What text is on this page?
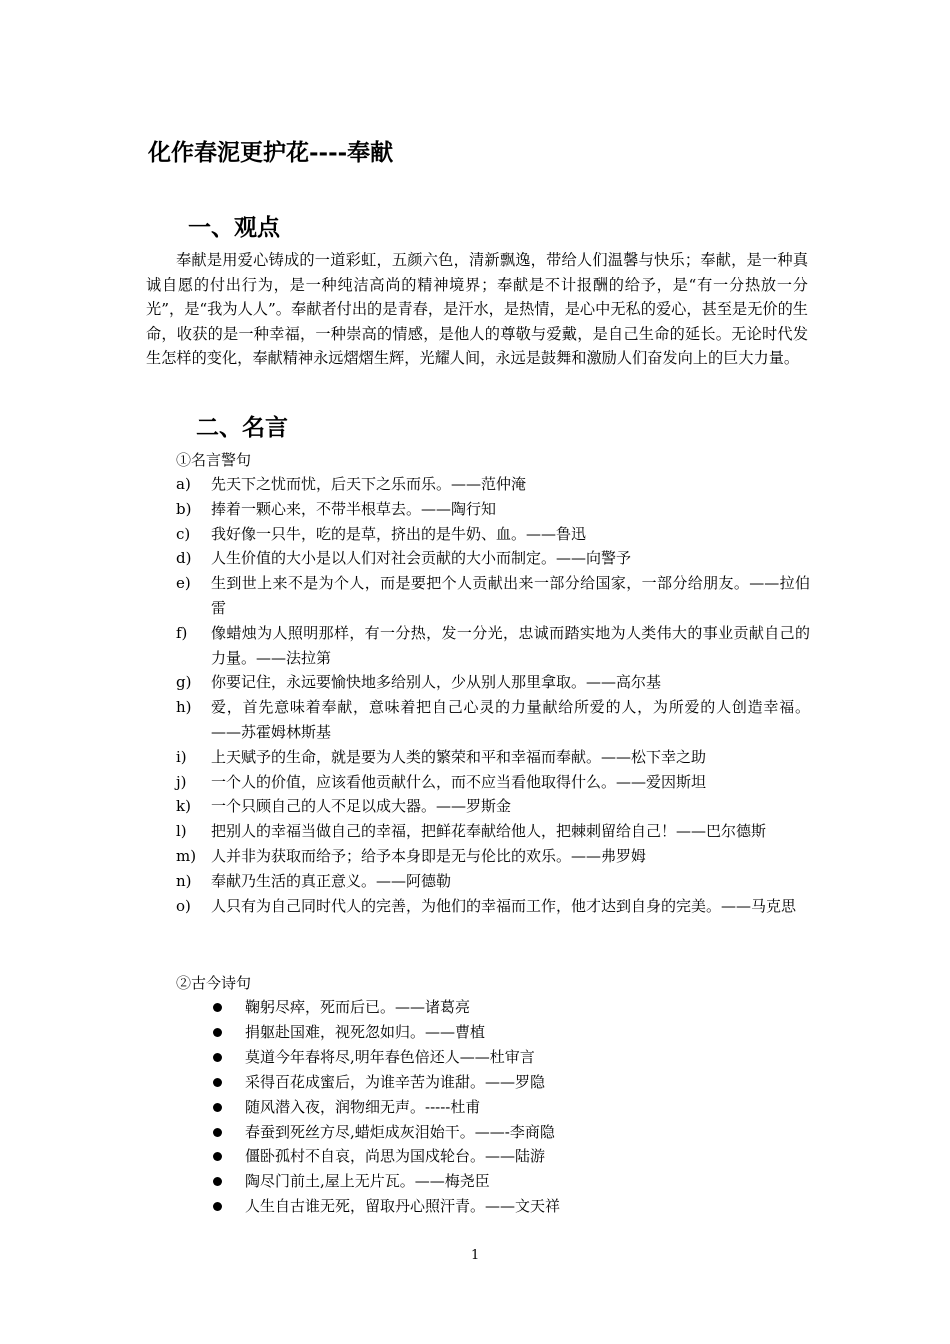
化作春泥更护花----奉献
一、观点
奉献是用爱心铸成的一道彩虹，五颜六色，清新飘逸，带给人们温馨与快乐；奉献，是一种真诚自愿的付出行为，是一种纯洁高尚的精神境界；奉献是不计报酬的给予，是“有一分热放一分光”，是“我为人人”。奉献者付出的是青春，是汗水，是热情，是心中无私的爱心，甚至是无价的生命，收获的是一种幸福，一种崇高的情感，是他人的尊敬与爱戴，是自己生命的延长。无论时代发生怎样的变化，奉献精神永远熠熠生辉，光耀人间，永远是鼓舞和激励人们奋发向上的巨大力量。
二、名言
①名言警句
a) 先天下之忧而忧，后天下之乐而乐。——范仲淹
b) 捧着一颗心来，不带半根草去。——陶行知
c) 我好像一只牛，吃的是草，挤出的是牛奶、血。——鲁迅
d) 人生价值的大小是以人们对社会贡献的大小而制定。——向警予
e) 生到世上来不是为个人，而是要把个人贡献出来一部分给国家，一部分给朋友。——拉伯雷
f) 像蜡烛为人照明那样，有一分热，发一分光，忠诚而踏实地为人类伟大的事业贡献自己的力量。——法拉第
g) 你要记住，永远要愉快地多给别人，少从别人那里拿取。——高尔基
h) 爱，首先意味着奉献，意味着把自己心灵的力量献给所爱的人，为所爱的人创造幸福。——苏霍姆林斯基
i) 上天赋予的生命，就是要为人类的繁荣和平和幸福而奉献。——松下幸之助
j) 一个人的价值，应该看他贡献什么，而不应当看他取得什么。——爱因斯坦
k) 一个只顾自己的人不足以成大器。——罗斯金
l) 把别人的幸福当做自己的幸福，把鲜花奉献给他人，把棘刺留给自己！——巴尔德斯
m) 人并非为获取而给予；给予本身即是无与伦比的欢乐。——弗罗姆
n) 奉献乃生活的真正意义。——阿德勒
o) 人只有为自己同时代人的完善，为他们的幸福而工作，他才达到自身的完美。——马克思
②古今诗句
鞠躬尽瘁，死而后已。——诸葛亮
捐躯赴国难，视死忽如归。——曹植
莫道今年春将尽,明年春色倍还人——杜审言
采得百花成蜜后，为谁辛苦为谁甜。——罗隐
随风潜入夜，润物细无声。-----杜甫
春蚕到死丝方尽,蜡炬成灰泪始干。——-李商隐
僵卧孤村不自哀，尚思为国戍轮台。——陆游
陶尽门前土,屋上无片瓦。——梅尧臣
人生自古谁无死，留取丹心照汗青。——文天祥
1
